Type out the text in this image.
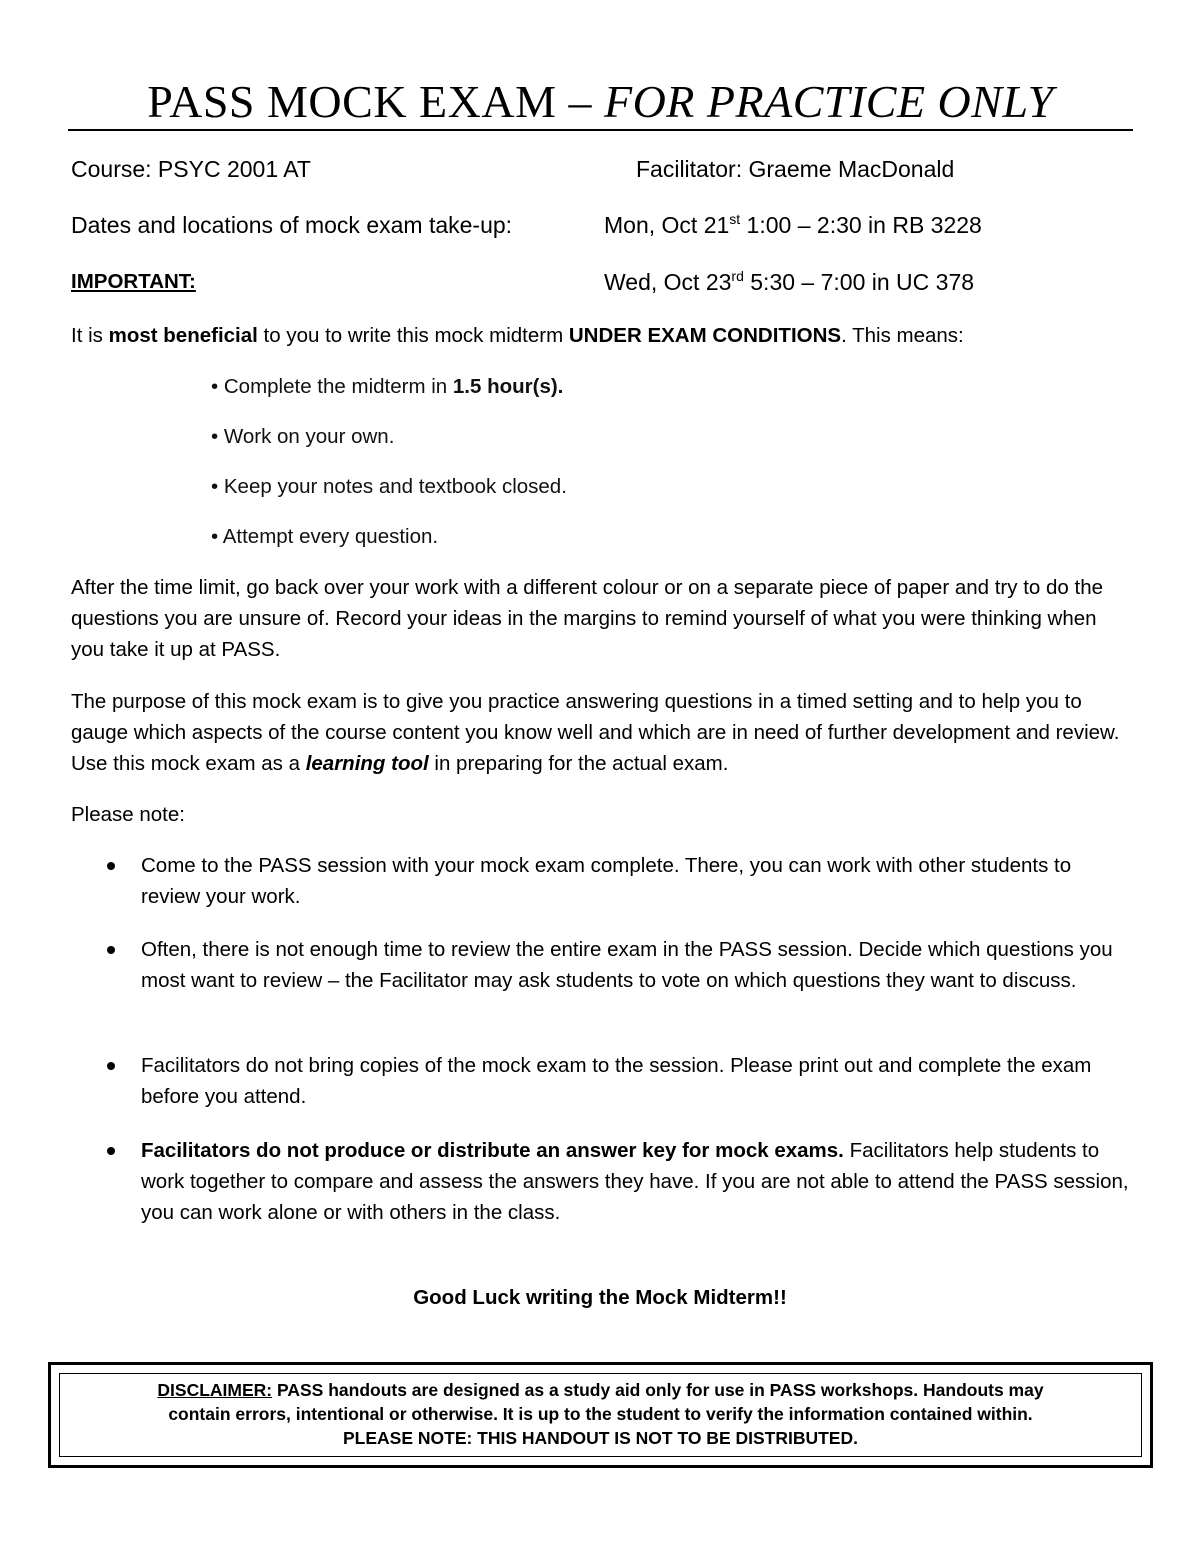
PASS MOCK EXAM – FOR PRACTICE ONLY
Course: PSYC 2001 AT	Facilitator: Graeme MacDonald
Dates and locations of mock exam take-up:	Mon, Oct 21st 1:00 – 2:30 in RB 3228
IMPORTANT:	Wed, Oct 23rd 5:30 – 7:00 in UC 378
It is most beneficial to you to write this mock midterm UNDER EXAM CONDITIONS. This means:
• Complete the midterm in 1.5 hour(s).
• Work on your own.
• Keep your notes and textbook closed.
• Attempt every question.
After the time limit, go back over your work with a different colour or on a separate piece of paper and try to do the questions you are unsure of. Record your ideas in the margins to remind yourself of what you were thinking when you take it up at PASS.
The purpose of this mock exam is to give you practice answering questions in a timed setting and to help you to gauge which aspects of the course content you know well and which are in need of further development and review. Use this mock exam as a learning tool in preparing for the actual exam.
Please note:
Come to the PASS session with your mock exam complete. There, you can work with other students to review your work.
Often, there is not enough time to review the entire exam in the PASS session. Decide which questions you most want to review – the Facilitator may ask students to vote on which questions they want to discuss.
Facilitators do not bring copies of the mock exam to the session. Please print out and complete the exam before you attend.
Facilitators do not produce or distribute an answer key for mock exams. Facilitators help students to work together to compare and assess the answers they have. If you are not able to attend the PASS session, you can work alone or with others in the class.
Good Luck writing the Mock Midterm!!
DISCLAIMER: PASS handouts are designed as a study aid only for use in PASS workshops. Handouts may
contain errors, intentional or otherwise. It is up to the student to verify the information contained within.
PLEASE NOTE: THIS HANDOUT IS NOT TO BE DISTRIBUTED.
